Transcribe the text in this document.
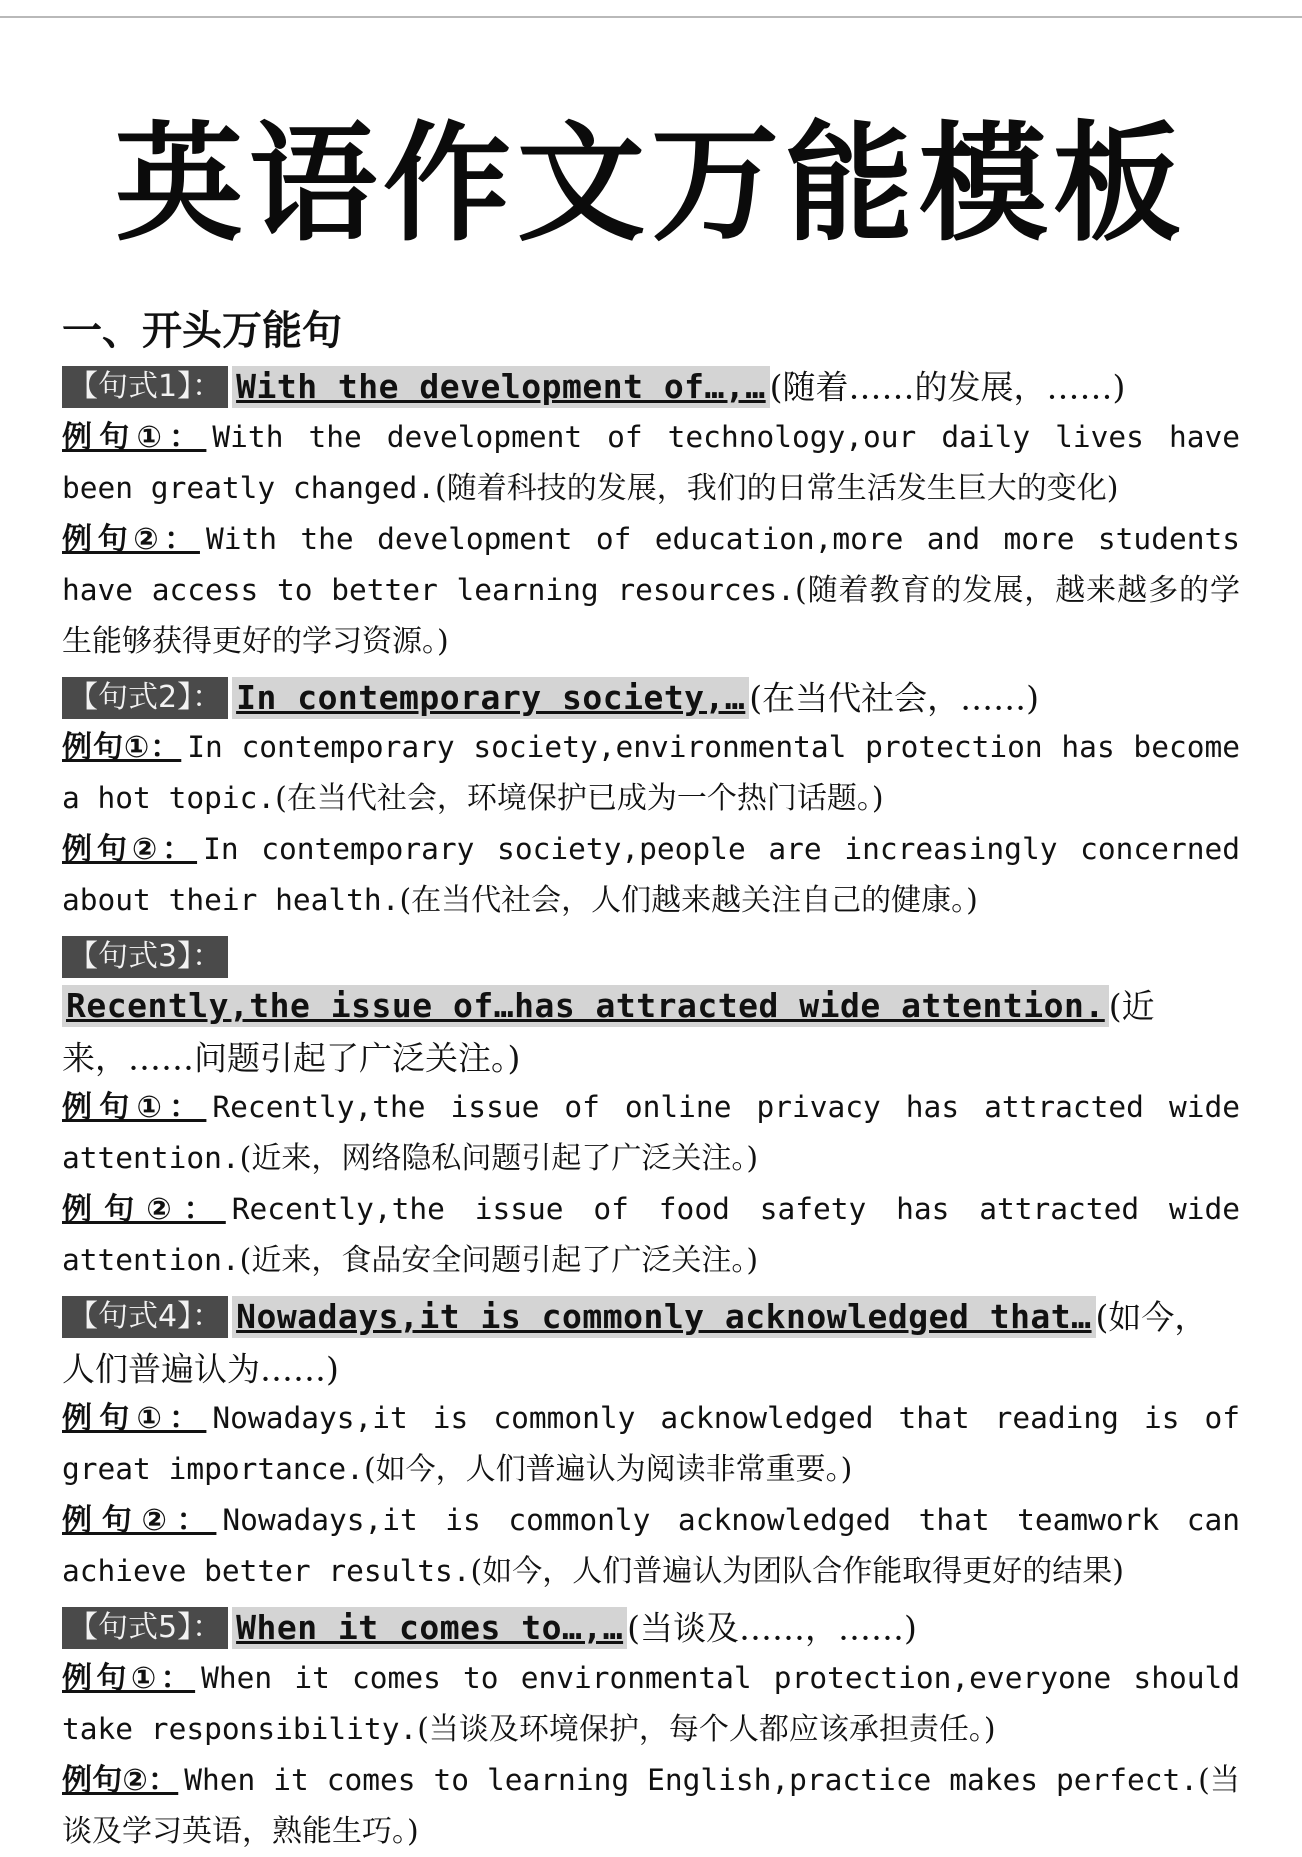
英语作文万能模板
一、开头万能句
【句式1】： With the development of…,… (随着……的发展，……)

例句①： With the development of technology,our daily lives have been greatly changed.(随着科技的发展，我们的日常生活发生巨大的变化)

例句②： With the development of education,more and more students have access to better learning resources.(随着教育的发展，越来越多的学生能够获得更好的学习资源。)

【句式2】： In contemporary society,… (在当代社会，……)

例句①： In contemporary society,environmental protection has become a hot topic.(在当代社会，环境保护已成为一个热门话题。)

例句②： In contemporary society,people are increasingly concerned about their health.(在当代社会，人们越来越关注自己的健康。)

【句式3】：Recently,the issue of…has attracted wide attention. (近来，……问题引起了广泛关注。)

例句①： Recently,the issue of online privacy has attracted wide attention.(近来，网络隐私问题引起了广泛关注。)

例句②： Recently,the issue of food safety has attracted wide attention.(近来，食品安全问题引起了广泛关注。)

【句式4】： Nowadays,it is commonly acknowledged that… (如今，人们普遍认为……)

例句①： Nowadays,it is commonly acknowledged that reading is of great importance.(如今，人们普遍认为阅读非常重要。)

例句②： Nowadays,it is commonly acknowledged that teamwork can achieve better results.(如今，人们普遍认为团队合作能取得更好的结果)

【句式5】： When it comes to…,… (当谈及……，……)

例句①： When it comes to environmental protection,everyone should take responsibility.(当谈及环境保护，每个人都应该承担责任。)

例句②： When it comes to learning English,practice makes perfect.(当谈及学习英语，熟能生巧。)
